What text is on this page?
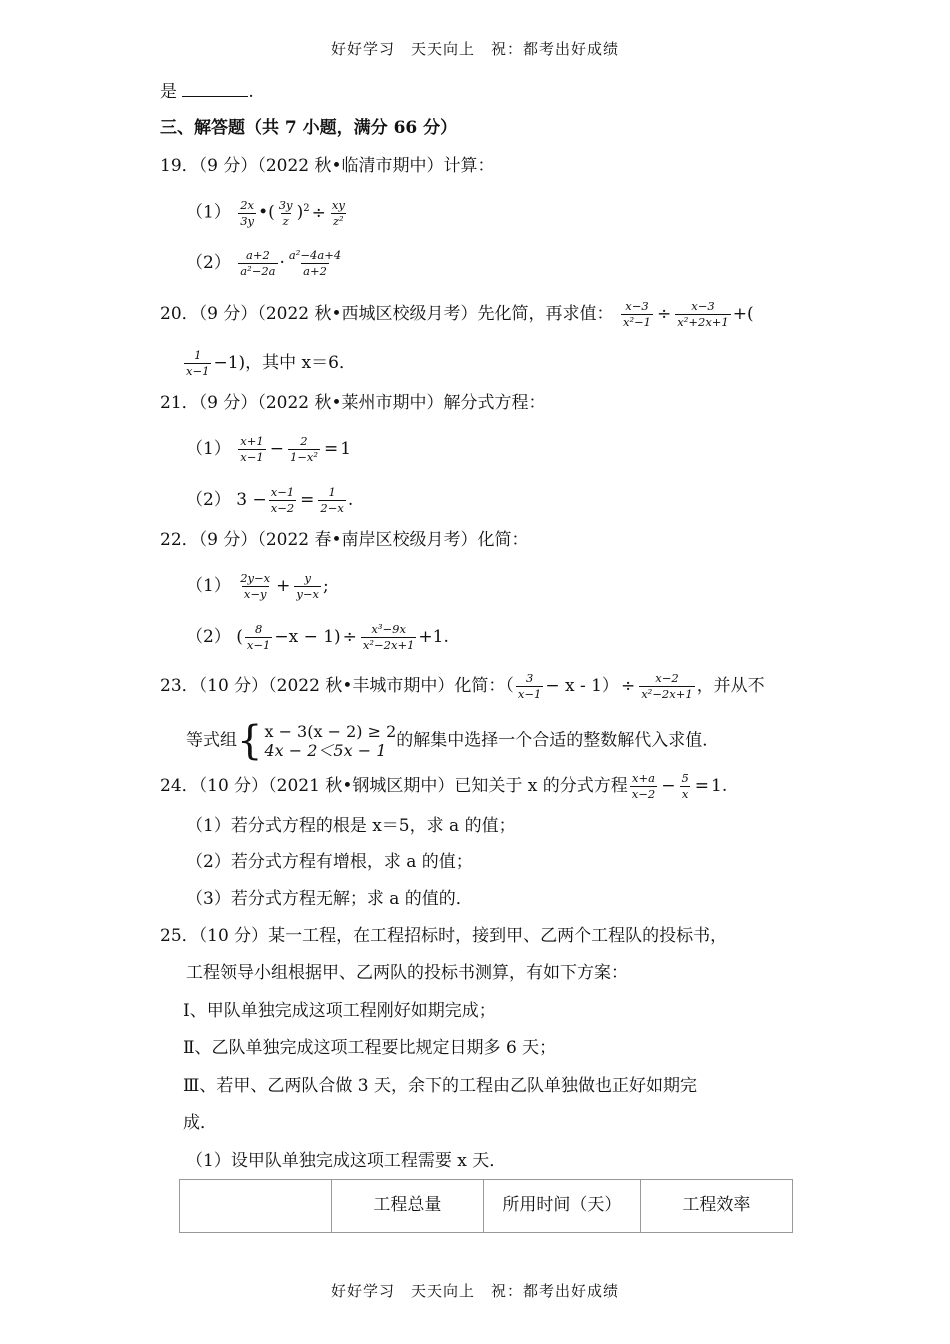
好好学习　天天向上　祝：都考出好成绩
是	.
三、解答题（共 7 小题，满分 66 分）
19．（9 分）（2022 秋•临清市期中）计算：
$(1) \frac{2x}{3y}$ •( $\frac{3y}{z} )^2 \div \frac{xy}{\text{z²}}$
$(2) \frac{a+2}{\text{a²−2a}} \cdot \frac{\text{a²−4a+4}}{a+2}$
20．（9 分）（2022 秋•西城区校级月考）先化简，再求值： $\frac{x-3}{\text{x²−1}} \div \frac{x-3}{\text{x²+2x+1}}$ +(
$\frac{1}{x-1} -1$)，其中 x＝6．
21．（9 分）（2022 秋•莱州市期中）解分式方程：
$(1) \frac{x+1}{x-1} - \frac{2}{\text{1−x²}} = 1$
（2） $3 - \frac{x-1}{x-2} = \frac{1}{2-x}$ .
22．（9 分）（2022 春•南岸区校级月考）化简：
$(1) \frac{2y-x}{x-y} + \frac{y}{y-x}$ ;
（2） ( $\frac{8}{x-1} -x - 1) \div \frac{\text{x³−9x}}{\text{x²−2x+1}} +1$.
23．（10 分）（2022 秋•丰城市期中）化简：（ $\frac{3}{x-1} - x$ ‑ $1) \div \frac{x-2}{\text{x²−2x+1}}$ ，并从不
等式组{ x − 3(x − 2) ≥ 2
4x − 2＜5x − 1 的解集中选择一个合适的整数解代入求值．
24．（10 分）（2021 秋•钢城区期中）已知关于 x 的分式方程 $\frac{x+a}{x-2} - \frac{5}{x} = 1$.
（1）若分式方程的根是 x＝5，求 a 的值；
（2）若分式方程有增根，求 a 的值；
（3）若分式方程无解；求 a 的值的．
25．（10 分）某一工程，在工程招标时，接到甲、乙两个工程队的投标书，
工程领导小组根据甲、乙两队的投标书测算，有如下方案：
Ⅰ、甲队单独完成这项工程刚好如期完成；
Ⅱ、乙队单独完成这项工程要比规定日期多 6 天；
Ⅲ、若甲、乙两队合做 3 天，余下的工程由乙队单独做也正好如期完
成．
（1）设甲队单独完成这项工程需要 x 天．
	工程总量	所用时间（天）	工程效率
好好学习　天天向上　祝：都考出好成绩
